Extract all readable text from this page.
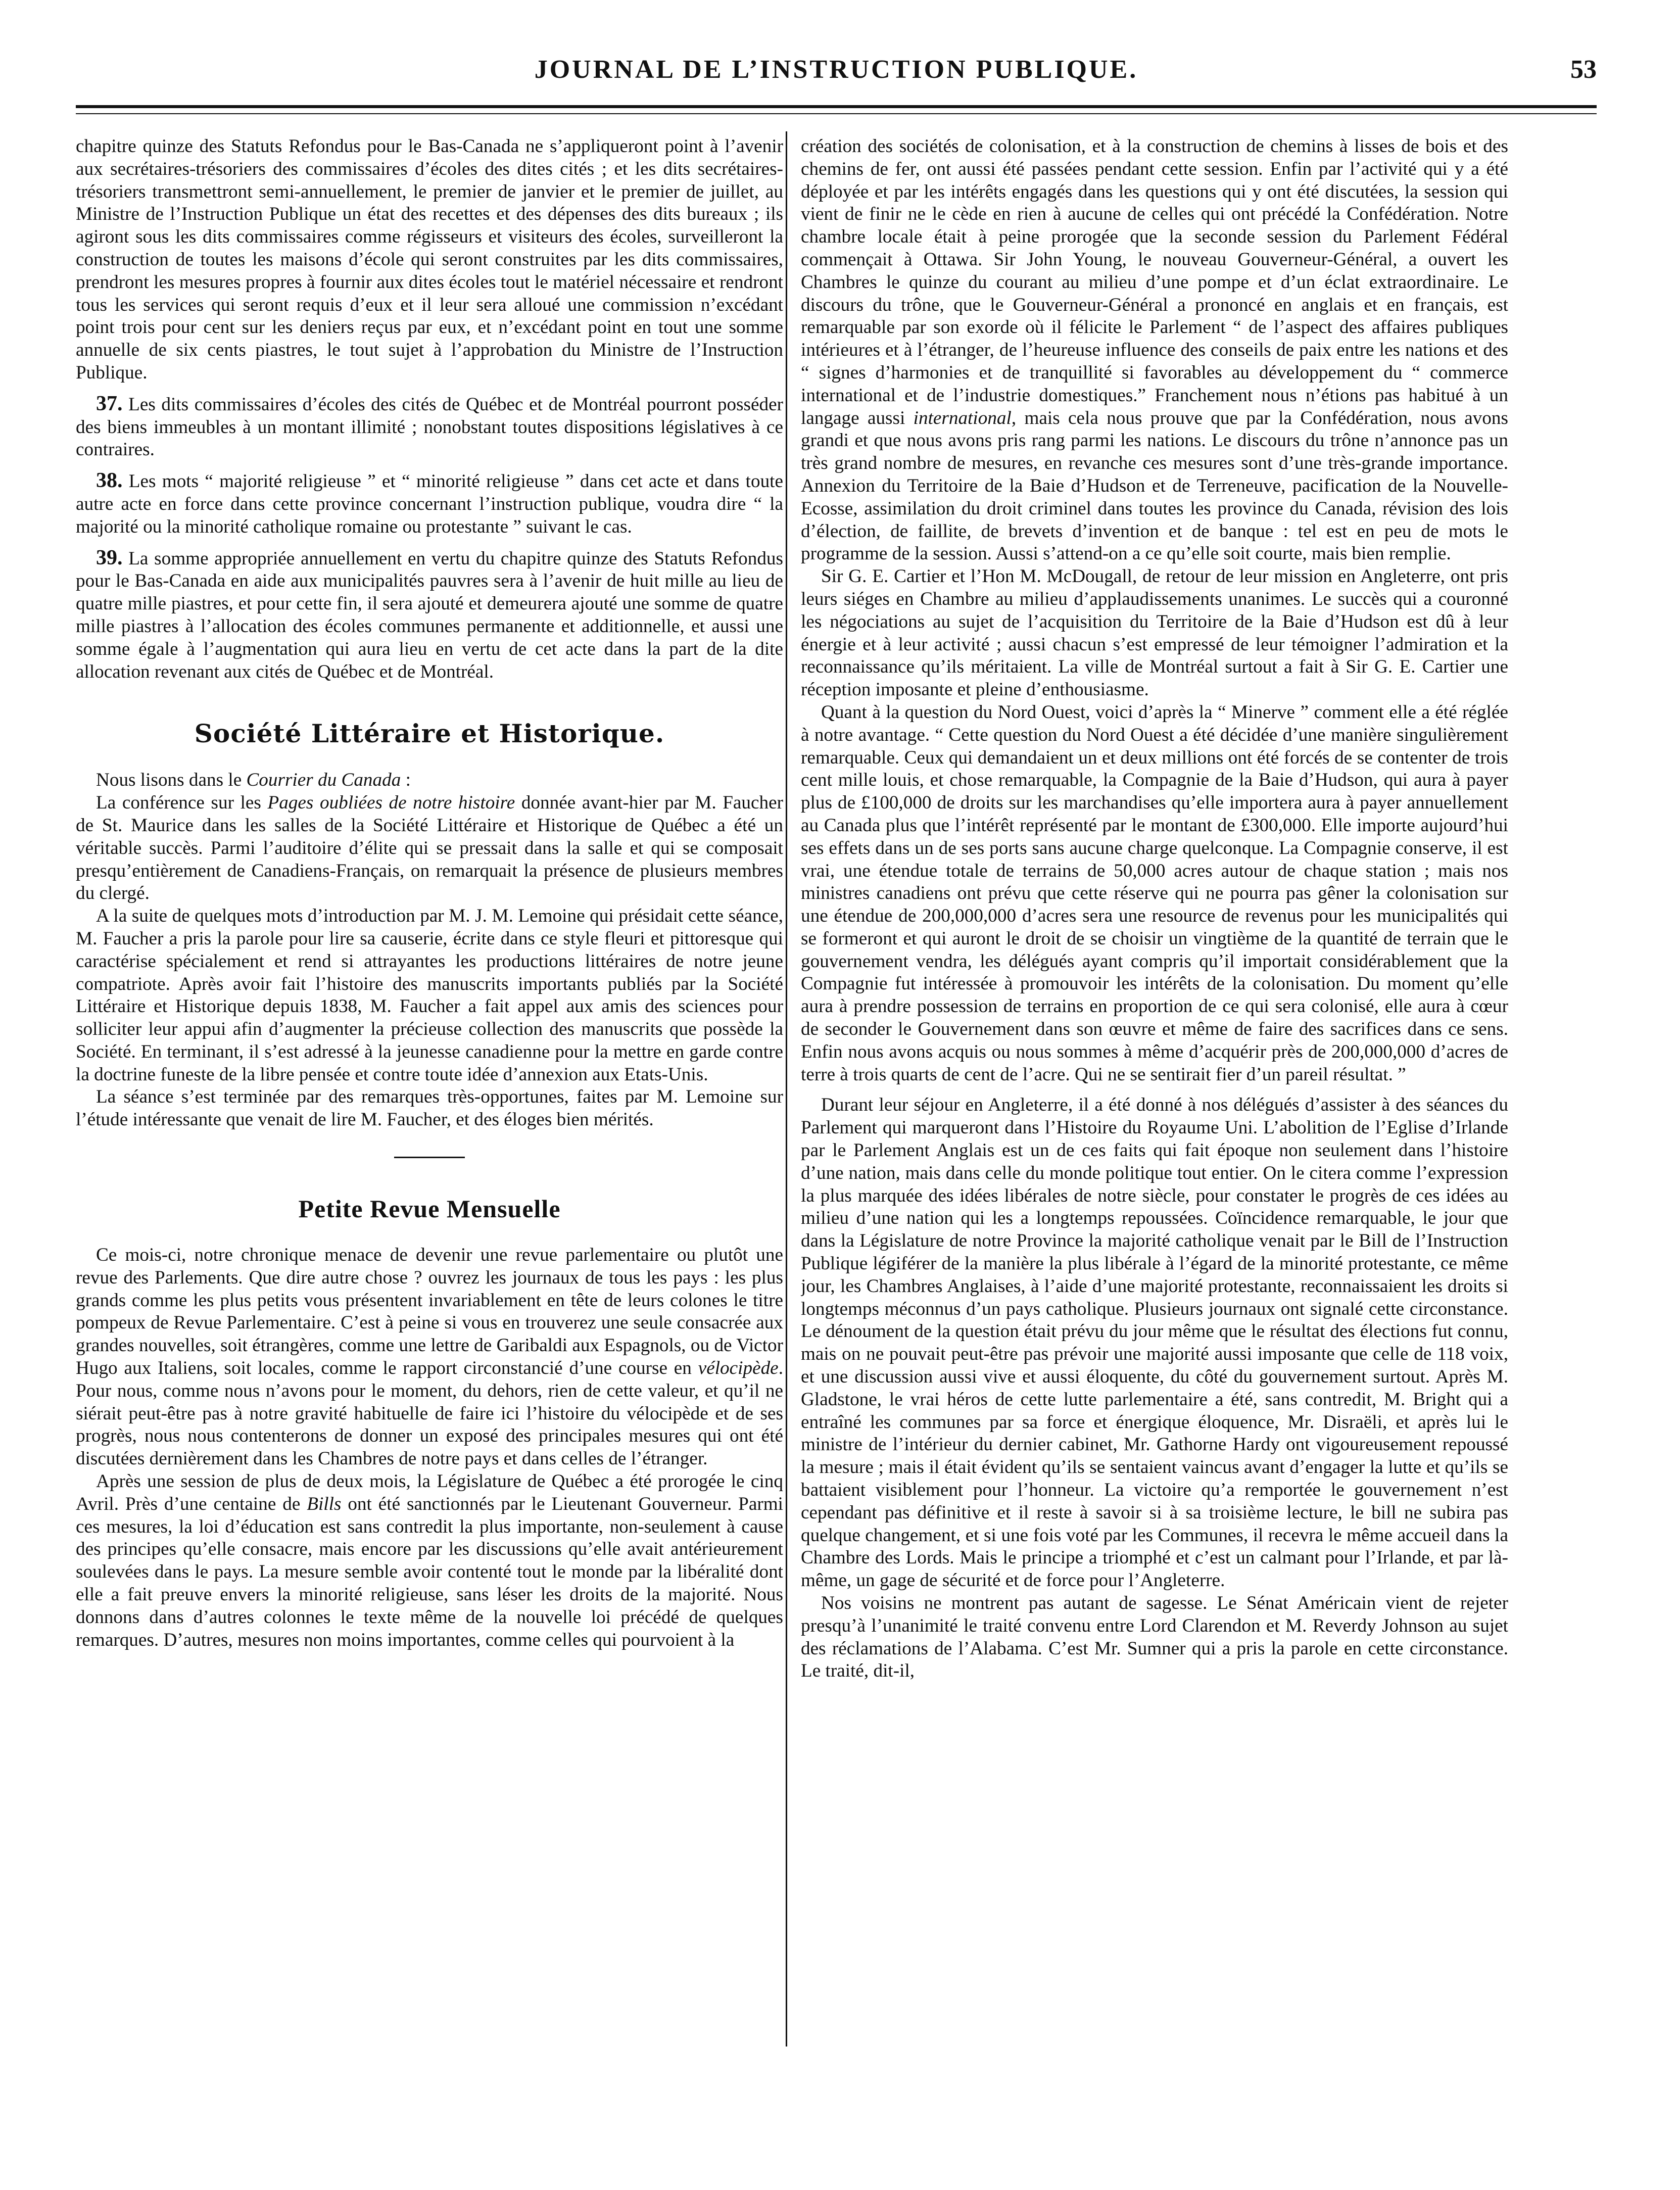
JOURNAL DE L’INSTRUCTION PUBLIQUE.	53

chapitre quinze des Statuts Refondus pour le Bas-Canada ne s’appliqueront point à l’avenir aux secrétaires-trésoriers des commissaires d’écoles des dites cités ; et les dits secrétaires-trésoriers transmettront semi-annuellement, le premier de janvier et le premier de juillet, au Ministre de l’Instruction Publique un état des recettes et des dépenses des dits bureaux ; ils agiront sous les dits commissaires comme régisseurs et visiteurs des écoles, surveilleront la construction de toutes les maisons d’école qui seront construites par les dits commissaires, prendront les mesures propres à fournir aux dites écoles tout le matériel nécessaire et rendront tous les services qui seront requis d’eux et il leur sera alloué une commission n’excédant point trois pour cent sur les deniers reçus par eux, et n’excédant point en tout une somme annuelle de six cents piastres, le tout sujet à l’approbation du Ministre de l’Instruction Publique.

37. Les dits commissaires d’écoles des cités de Québec et de Montréal pourront posséder des biens immeubles à un montant illimité ; nonobstant toutes dispositions législatives à ce contraires.

38. Les mots “ majorité religieuse ” et “ minorité religieuse ” dans cet acte et dans toute autre acte en force dans cette province concernant l’instruction publique, voudra dire “ la majorité ou la minorité catholique romaine ou protestante ” suivant le cas.

39. La somme appropriée annuellement en vertu du chapitre quinze des Statuts Refondus pour le Bas-Canada en aide aux municipalités pauvres sera à l’avenir de huit mille au lieu de quatre mille piastres, et pour cette fin, il sera ajouté et demeurera ajouté une somme de quatre mille piastres à l’allocation des écoles communes permanente et additionnelle, et aussi une somme égale à l’augmentation qui aura lieu en vertu de cet acte dans la part de la dite allocation revenant aux cités de Québec et de Montréal.

Société Littéraire et Historique.

Nous lisons dans le Courrier du Canada :

La conférence sur les Pages oubliées de notre histoire donnée avant-hier par M. Faucher de St. Maurice dans les salles de la Société Littéraire et Historique de Québec a été un véritable succès. Parmi l’auditoire d’élite qui se pressait dans la salle et qui se composait presqu’entièrement de Canadiens-Français, on remarquait la présence de plusieurs membres du clergé.

A la suite de quelques mots d’introduction par M. J. M. Lemoine qui présidait cette séance, M. Faucher a pris la parole pour lire sa causerie, écrite dans ce style fleuri et pittoresque qui caractérise spécialement et rend si attrayantes les productions littéraires de notre jeune compatriote. Après avoir fait l’histoire des manuscrits importants publiés par la Société Littéraire et Historique depuis 1838, M. Faucher a fait appel aux amis des sciences pour solliciter leur appui afin d’augmenter la précieuse collection des manuscrits que possède la Société. En terminant, il s’est adressé à la jeunesse canadienne pour la mettre en garde contre la doctrine funeste de la libre pensée et contre toute idée d’annexion aux Etats-Unis.

La séance s’est terminée par des remarques très-opportunes, faites par M. Lemoine sur l’étude intéressante que venait de lire M. Faucher, et des éloges bien mérités.

Petite Revue Mensuelle

Ce mois-ci, notre chronique menace de devenir une revue parlementaire ou plutôt une revue des Parlements. Que dire autre chose ? ouvrez les journaux de tous les pays : les plus grands comme les plus petits vous présentent invariablement en tête de leurs colones le titre pompeux de Revue Parlementaire. C’est à peine si vous en trouverez une seule consacrée aux grandes nouvelles, soit étrangères, comme une lettre de Garibaldi aux Espagnols, ou de Victor Hugo aux Italiens, soit locales, comme le rapport circonstancié d’une course en vélocipède. Pour nous, comme nous n’avons pour le moment, du dehors, rien de cette valeur, et qu’il ne siérait peut-être pas à notre gravité habituelle de faire ici l’histoire du vélocipède et de ses progrès, nous nous contenterons de donner un exposé des principales mesures qui ont été discutées dernièrement dans les Chambres de notre pays et dans celles de l’étranger.

Après une session de plus de deux mois, la Législature de Québec a été prorogée le cinq Avril. Près d’une centaine de Bills ont été sanctionnés par le Lieutenant Gouverneur. Parmi ces mesures, la loi d’éducation est sans contredit la plus importante, non-seulement à cause des principes qu’elle consacre, mais encore par les discussions qu’elle avait antérieurement soulevées dans le pays. La mesure semble avoir contenté tout le monde par la libéralité dont elle a fait preuve envers la minorité religieuse, sans léser les droits de la majorité. Nous donnons dans d’autres colonnes le texte même de la nouvelle loi précédé de quelques remarques. D’autres, mesures non moins importantes, comme celles qui pourvoient à la

création des sociétés de colonisation, et à la construction de chemins à lisses de bois et des chemins de fer, ont aussi été passées pendant cette session. Enfin par l’activité qui y a été déployée et par les intérêts engagés dans les questions qui y ont été discutées, la session qui vient de finir ne le cède en rien à aucune de celles qui ont précédé la Confédération. Notre chambre locale était à peine prorogée que la seconde session du Parlement Fédéral commençait à Ottawa. Sir John Young, le nouveau Gouverneur-Général, a ouvert les Chambres le quinze du courant au milieu d’une pompe et d’un éclat extraordinaire. Le discours du trône, que le Gouverneur-Général a prononcé en anglais et en français, est remarquable par son exorde où il félicite le Parlement “ de l’aspect des affaires publiques intérieures et à l’étranger, de l’heureuse influence des conseils de paix entre les nations et des “ signes d’harmonies et de tranquillité si favorables au développement du “ commerce international et de l’industrie domestiques.” Franchement nous n’étions pas habitué à un langage aussi international, mais cela nous prouve que par la Confédération, nous avons grandi et que nous avons pris rang parmi les nations. Le discours du trône n’annonce pas un très grand nombre de mesures, en revanche ces mesures sont d’une très-grande importance. Annexion du Territoire de la Baie d’Hudson et de Terreneuve, pacification de la Nouvelle-Ecosse, assimilation du droit criminel dans toutes les province du Canada, révision des lois d’élection, de faillite, de brevets d’invention et de banque : tel est en peu de mots le programme de la session. Aussi s’attend-on a ce qu’elle soit courte, mais bien remplie.

Sir G. E. Cartier et l’Hon M. McDougall, de retour de leur mission en Angleterre, ont pris leurs siéges en Chambre au milieu d’applaudissements unanimes. Le succès qui a couronné les négociations au sujet de l’acquisition du Territoire de la Baie d’Hudson est dû à leur énergie et à leur activité ; aussi chacun s’est empressé de leur témoigner l’admiration et la reconnaissance qu’ils méritaient. La ville de Montréal surtout a fait à Sir G. E. Cartier une réception imposante et pleine d’enthousiasme.

Quant à la question du Nord Ouest, voici d’après la “ Minerve ” comment elle a été réglée à notre avantage. “ Cette question du Nord Ouest a été décidée d’une manière singulièrement remarquable. Ceux qui demandaient un et deux millions ont été forcés de se contenter de trois cent mille louis, et chose remarquable, la Compagnie de la Baie d’Hudson, qui aura à payer plus de £100,000 de droits sur les marchandises qu’elle importera aura à payer annuellement au Canada plus que l’intérêt représenté par le montant de £300,000. Elle importe aujourd’hui ses effets dans un de ses ports sans aucune charge quelconque. La Compagnie conserve, il est vrai, une étendue totale de terrains de 50,000 acres autour de chaque station ; mais nos ministres canadiens ont prévu que cette réserve qui ne pourra pas gêner la colonisation sur une étendue de 200,000,000 d’acres sera une resource de revenus pour les municipalités qui se formeront et qui auront le droit de se choisir un vingtième de la quantité de terrain que le gouvernement vendra, les délégués ayant compris qu’il importait considérablement que la Compagnie fut intéressée à promouvoir les intérêts de la colonisation. Du moment qu’elle aura à prendre possession de terrains en proportion de ce qui sera colonisé, elle aura à cœur de seconder le Gouvernement dans son œuvre et même de faire des sacrifices dans ce sens. Enfin nous avons acquis ou nous sommes à même d’acquérir près de 200,000,000 d’acres de terre à trois quarts de cent de l’acre. Qui ne se sentirait fier d’un pareil résultat. ”

Durant leur séjour en Angleterre, il a été donné à nos délégués d’assister à des séances du Parlement qui marqueront dans l’Histoire du Royaume Uni. L’abolition de l’Eglise d’Irlande par le Parlement Anglais est un de ces faits qui fait époque non seulement dans l’histoire d’une nation, mais dans celle du monde politique tout entier. On le citera comme l’expression la plus marquée des idées libérales de notre siècle, pour constater le progrès de ces idées au milieu d’une nation qui les a longtemps repoussées. Coïncidence remarquable, le jour que dans la Législature de notre Province la majorité catholique venait par le Bill de l’Instruction Publique légiférer de la manière la plus libérale à l’égard de la minorité protestante, ce même jour, les Chambres Anglaises, à l’aide d’une majorité protestante, reconnaissaient les droits si longtemps méconnus d’un pays catholique. Plusieurs journaux ont signalé cette circonstance. Le dénoument de la question était prévu du jour même que le résultat des élections fut connu, mais on ne pouvait peut-être pas prévoir une majorité aussi imposante que celle de 118 voix, et une discussion aussi vive et aussi éloquente, du côté du gouvernement surtout. Après M. Gladstone, le vrai héros de cette lutte parlementaire a été, sans contredit, M. Bright qui a entraîné les communes par sa force et énergique éloquence, Mr. Disraëli, et après lui le ministre de l’intérieur du dernier cabinet, Mr. Gathorne Hardy ont vigoureusement repoussé la mesure ; mais il était évident qu’ils se sentaient vaincus avant d’engager la lutte et qu’ils se battaient visiblement pour l’honneur. La victoire qu’a remportée le gouvernement n’est cependant pas définitive et il reste à savoir si à sa troisième lecture, le bill ne subira pas quelque changement, et si une fois voté par les Communes, il recevra le même accueil dans la Chambre des Lords. Mais le principe a triomphé et c’est un calmant pour l’Irlande, et par là-même, un gage de sécurité et de force pour l’Angleterre.

Nos voisins ne montrent pas autant de sagesse. Le Sénat Américain vient de rejeter presqu’à l’unanimité le traité convenu entre Lord Clarendon et M. Reverdy Johnson au sujet des réclamations de l’Alabama. C’est Mr. Sumner qui a pris la parole en cette circonstance. Le traité, dit-il,
